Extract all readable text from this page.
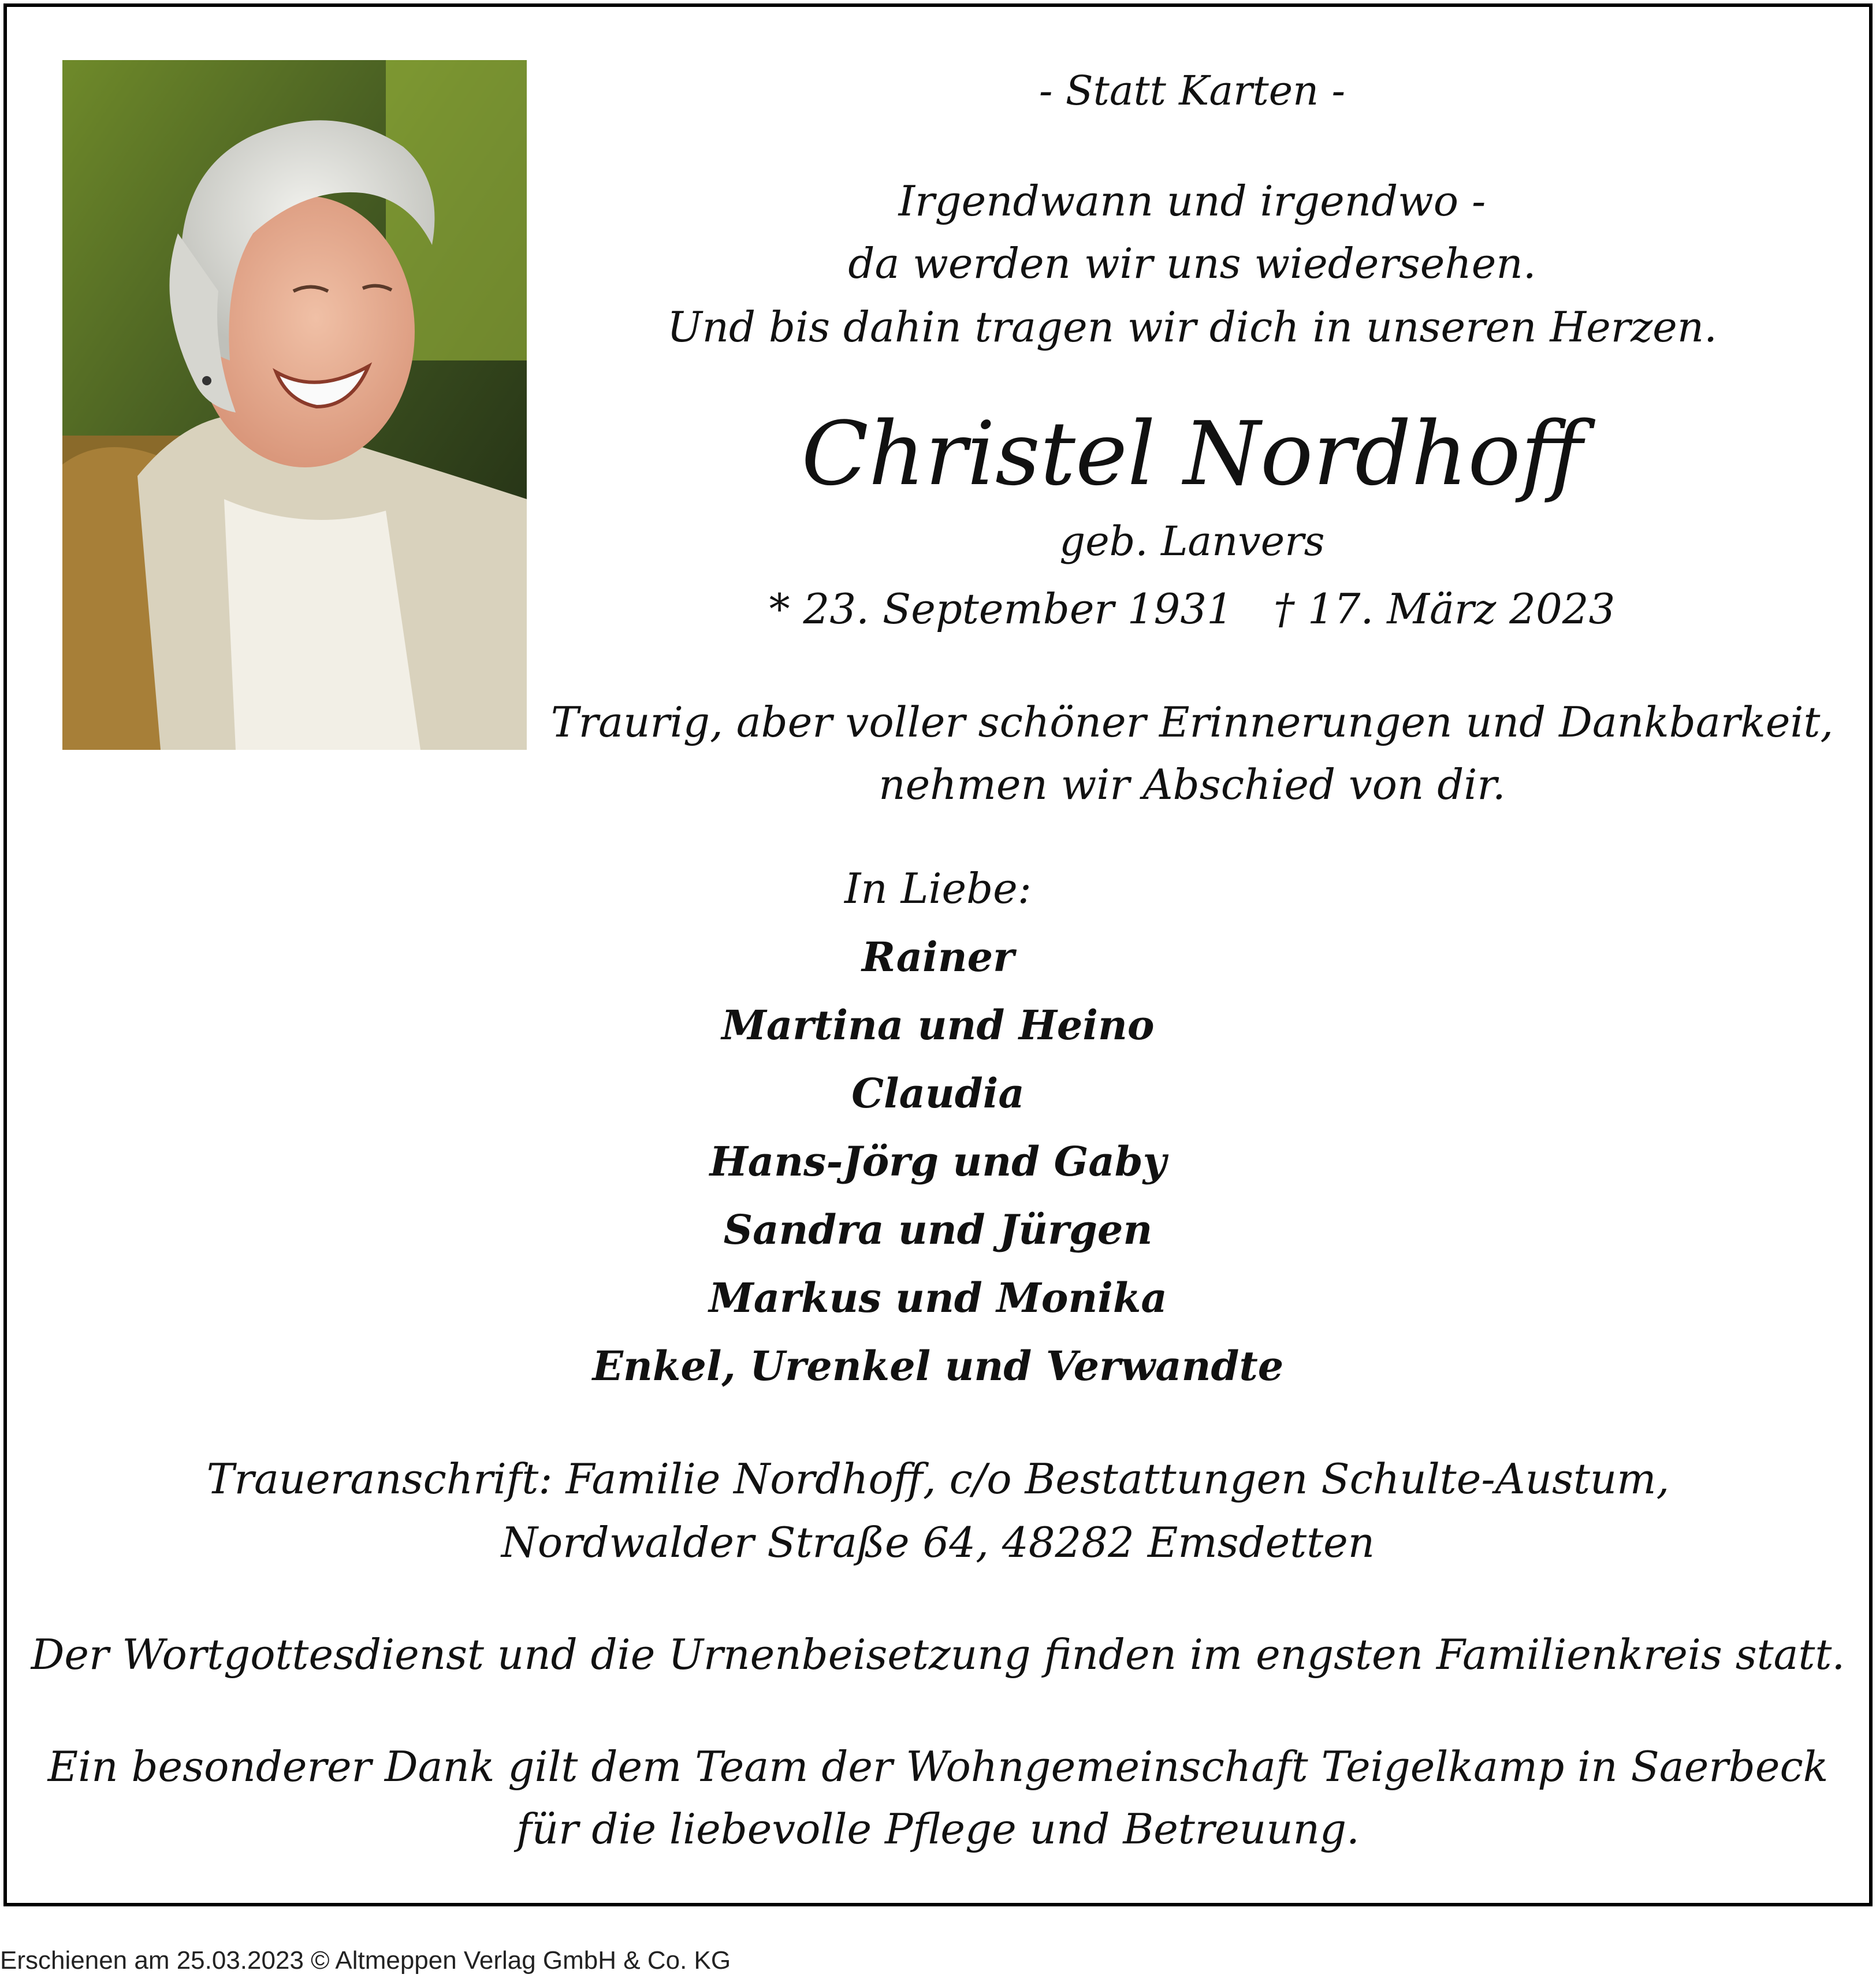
- Statt Karten -
Irgendwann und irgendwo -
da werden wir uns wiedersehen.
Und bis dahin tragen wir dich in unseren Herzen.
Christel Nordhoff
geb. Lanvers
* 23. September 1931 † 17. März 2023
Traurig, aber voller schöner Erinnerungen und Dankbarkeit,
nehmen wir Abschied von dir.
In Liebe:
Rainer
Martina und Heino
Claudia
Hans-Jörg und Gaby
Sandra und Jürgen
Markus und Monika
Enkel, Urenkel und Verwandte
Traueranschrift: Familie Nordhoff, c/o Bestattungen Schulte-Austum,
Nordwalder Straße 64, 48282 Emsdetten
Der Wortgottesdienst und die Urnenbeisetzung finden im engsten Familienkreis statt.
Ein besonderer Dank gilt dem Team der Wohngemeinschaft Teigelkamp in Saerbeck
für die liebevolle Pflege und Betreuung.
Erschienen am 25.03.2023 © Altmeppen Verlag GmbH & Co. KG
